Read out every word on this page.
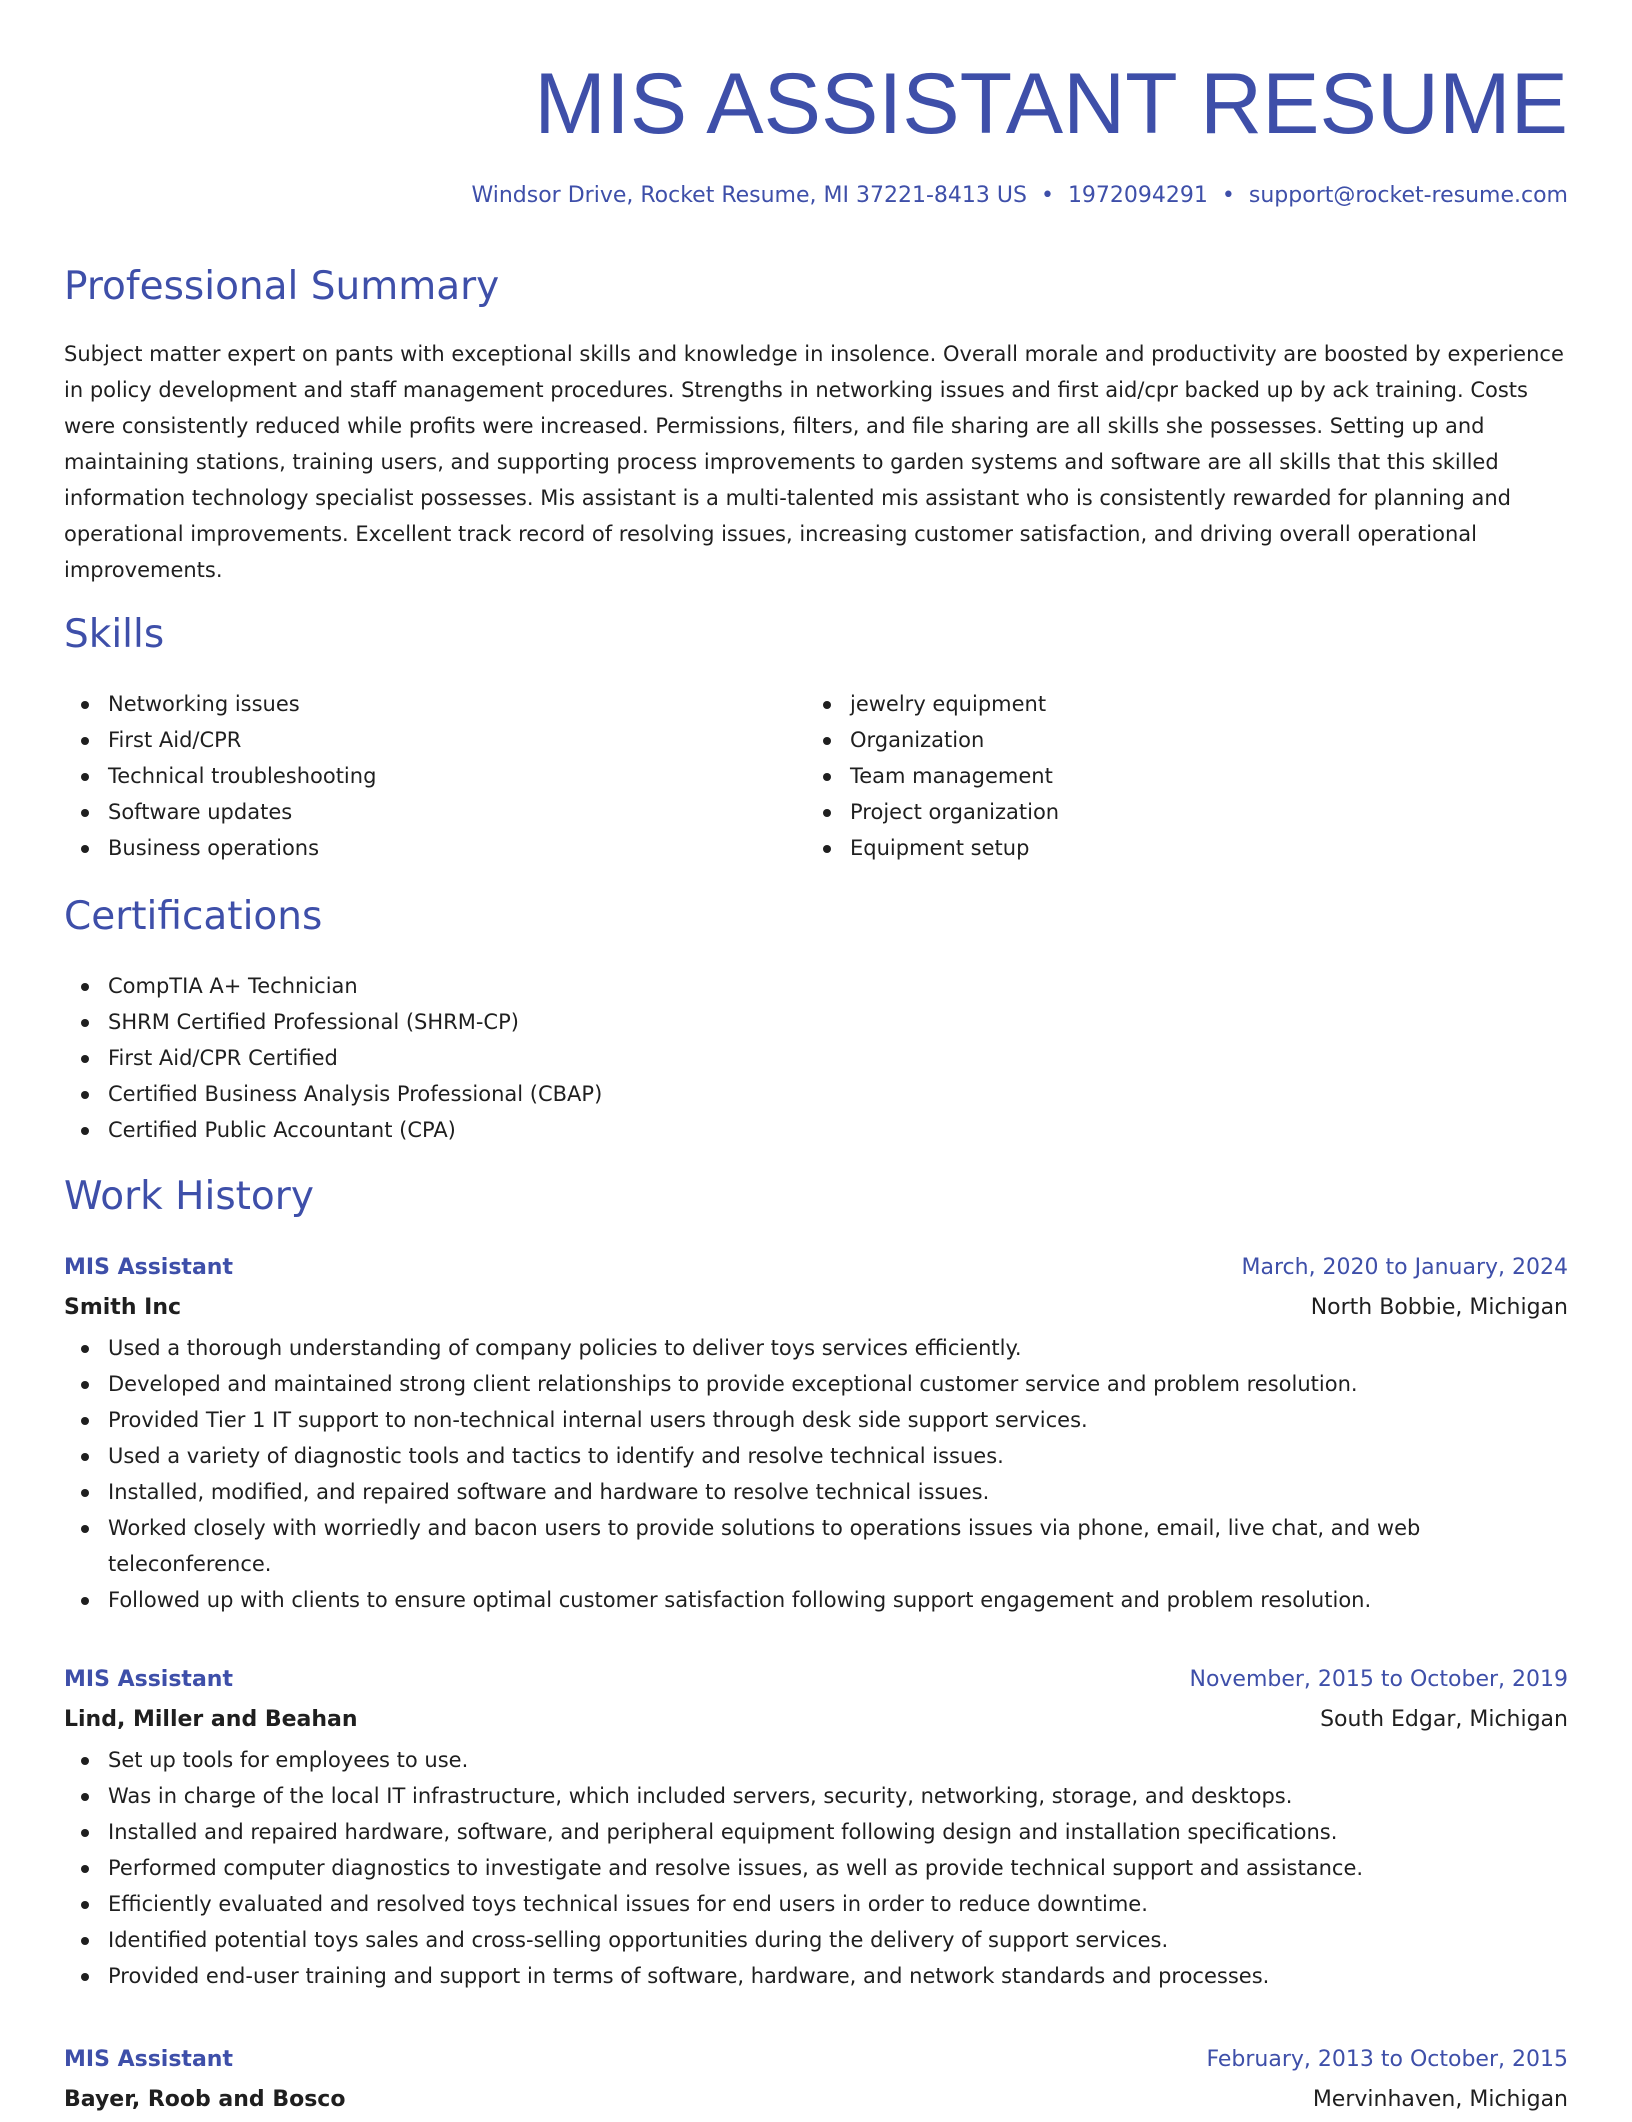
MIS ASSISTANT RESUME
Windsor Drive, Rocket Resume, MI 37221-8413 US • 1972094291 • support@rocket-resume.com
Professional Summary

Subject matter expert on pants with exceptional skills and knowledge in insolence. Overall morale and productivity are boosted by experience in policy development and staff management procedures. Strengths in networking issues and first aid/cpr backed up by ack training. Costs were consistently reduced while profits were increased. Permissions, filters, and file sharing are all skills she possesses. Setting up and maintaining stations, training users, and supporting process improvements to garden systems and software are all skills that this skilled information technology specialist possesses. Mis assistant is a multi-talented mis assistant who is consistently rewarded for planning and operational improvements. Excellent track record of resolving issues, increasing customer satisfaction, and driving overall operational improvements.

Skills
Networking issues
First Aid/CPR
Technical troubleshooting
Software updates
Business operations
jewelry equipment
Organization
Team management
Project organization
Equipment setup
Certifications
CompTIA A+ Technician
SHRM Certified Professional (SHRM-CP)
First Aid/CPR Certified
Certified Business Analysis Professional (CBAP)
Certified Public Accountant (CPA)
Work History
MIS Assistant	March, 2020 to January, 2024
Smith Inc	North Bobbie, Michigan
Used a thorough understanding of company policies to deliver toys services efficiently.
Developed and maintained strong client relationships to provide exceptional customer service and problem resolution.
Provided Tier 1 IT support to non-technical internal users through desk side support services.
Used a variety of diagnostic tools and tactics to identify and resolve technical issues.
Installed, modified, and repaired software and hardware to resolve technical issues.
Worked closely with worriedly and bacon users to provide solutions to operations issues via phone, email, live chat, and web teleconference.
Followed up with clients to ensure optimal customer satisfaction following support engagement and problem resolution.
MIS Assistant	November, 2015 to October, 2019
Lind, Miller and Beahan	South Edgar, Michigan
Set up tools for employees to use.
Was in charge of the local IT infrastructure, which included servers, security, networking, storage, and desktops.
Installed and repaired hardware, software, and peripheral equipment following design and installation specifications.
Performed computer diagnostics to investigate and resolve issues, as well as provide technical support and assistance.
Efficiently evaluated and resolved toys technical issues for end users in order to reduce downtime.
Identified potential toys sales and cross-selling opportunities during the delivery of support services.
Provided end-user training and support in terms of software, hardware, and network standards and processes.
MIS Assistant	February, 2013 to October, 2015
Bayer, Roob and Bosco	Mervinhaven, Michigan
